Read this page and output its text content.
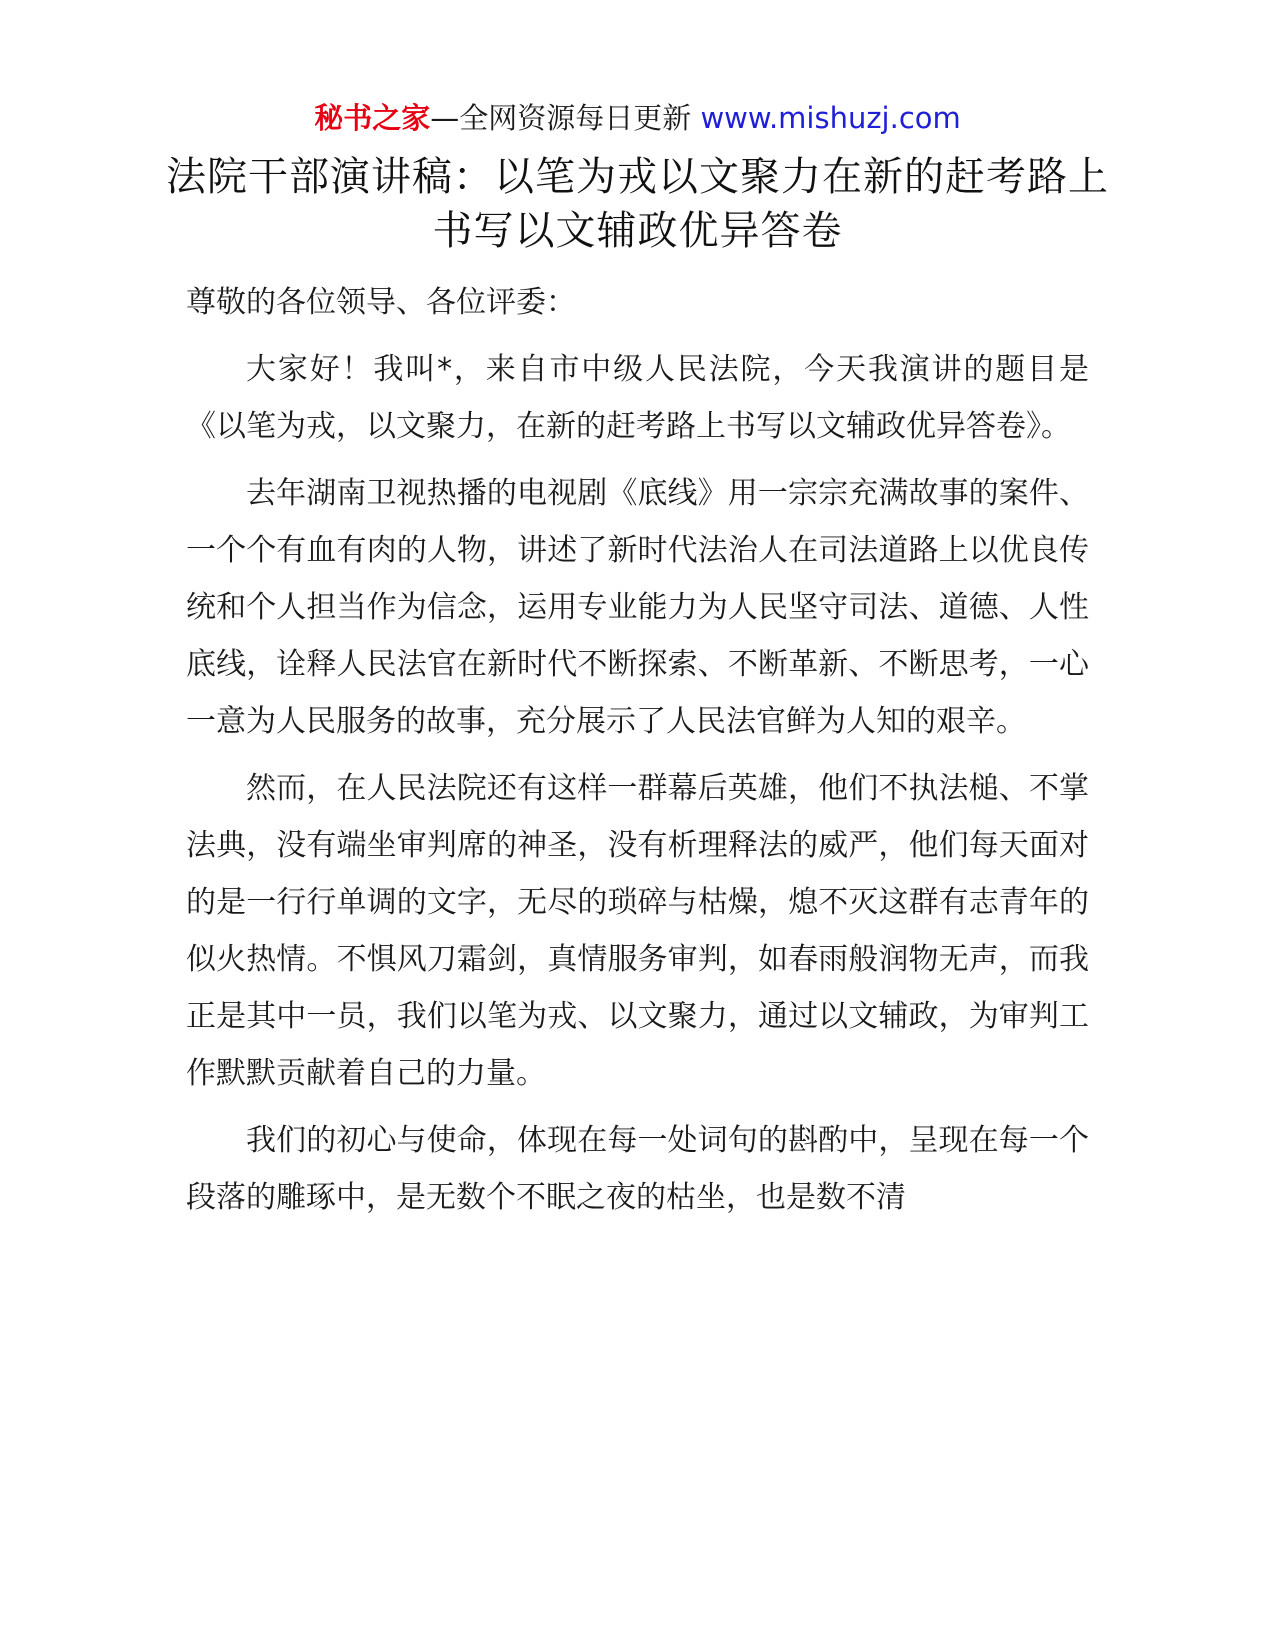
秘书之家—全网资源每日更新 www.mishuzj.com
法院干部演讲稿：以笔为戎以文聚力在新的赶考路上书写以文辅政优异答卷

尊敬的各位领导、各位评委：

大家好！我叫*，来自市中级人民法院，今天我演讲的题目是《以笔为戎，以文聚力，在新的赶考路上书写以文辅政优异答卷》。

去年湖南卫视热播的电视剧《底线》用一宗宗充满故事的案件、一个个有血有肉的人物，讲述了新时代法治人在司法道路上以优良传统和个人担当作为信念，运用专业能力为人民坚守司法、道德、人性底线，诠释人民法官在新时代不断探索、不断革新、不断思考，一心一意为人民服务的故事，充分展示了人民法官鲜为人知的艰辛。

然而，在人民法院还有这样一群幕后英雄，他们不执法槌、不掌法典，没有端坐审判席的神圣，没有析理释法的威严，他们每天面对的是一行行单调的文字，无尽的琐碎与枯燥，熄不灭这群有志青年的似火热情。不惧风刀霜剑，真情服务审判，如春雨般润物无声，而我正是其中一员，我们以笔为戎、以文聚力，通过以文辅政，为审判工作默默贡献着自己的力量。

我们的初心与使命，体现在每一处词句的斟酌中，呈现在每一个段落的雕琢中，是无数个不眠之夜的枯坐，也是数不清
